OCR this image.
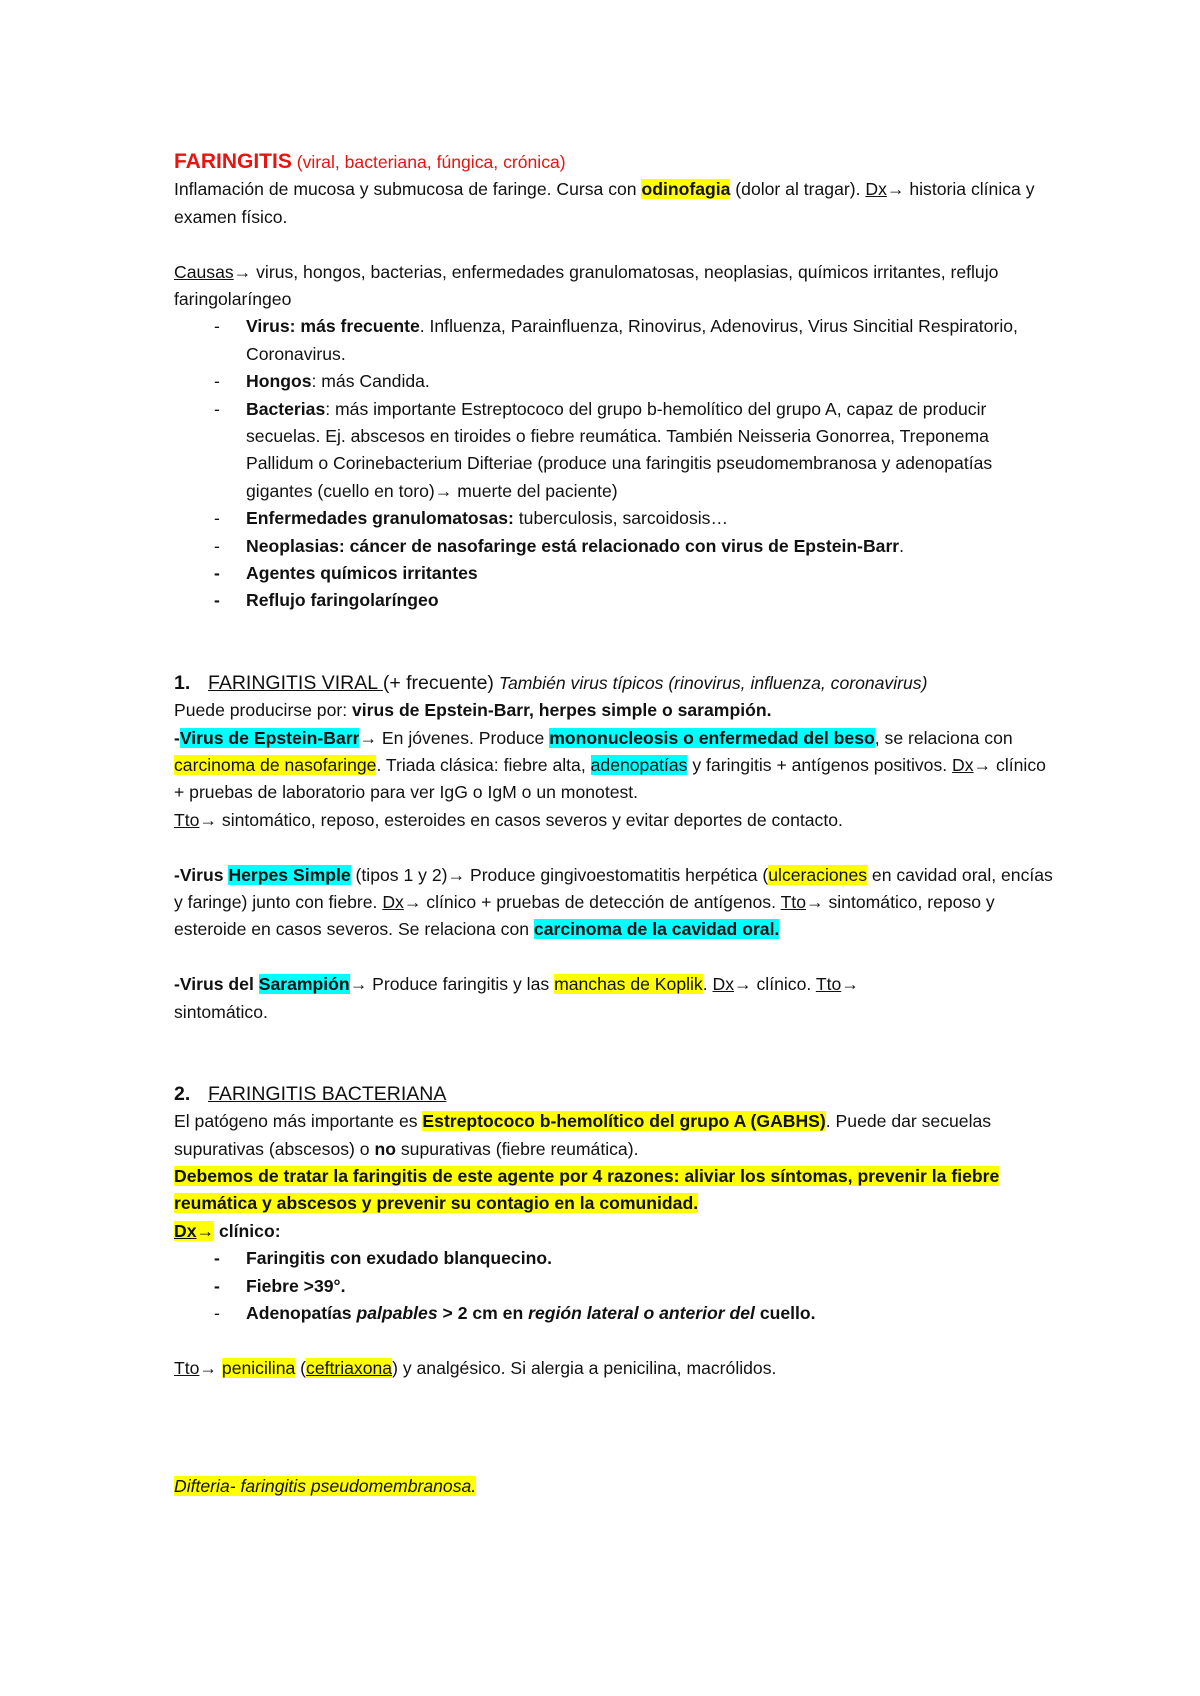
FARINGITIS (viral, bacteriana, fúngica, crónica)

Inflamación de mucosa y submucosa de faringe. Cursa con odinofagia (dolor al tragar). Dx→ historia clínica y examen físico.

Causas→ virus, hongos, bacterias, enfermedades granulomatosas, neoplasias, químicos irritantes, reflujo faringolaríngeo

- Virus: más frecuente. Influenza, Parainfluenza, Rinovirus, Adenovirus, Virus Sincitial Respiratorio, Coronavirus.
- Hongos: más Candida.
- Bacterias: más importante Estreptococo del grupo b-hemolítico del grupo A, capaz de producir secuelas. Ej. abscesos en tiroides o fiebre reumática. También Neisseria Gonorrea, Treponema Pallidum o Corinebacterium Difteriae (produce una faringitis pseudomembranosa y adenopatías gigantes (cuello en toro)→ muerte del paciente)
- Enfermedades granulomatosas: tuberculosis, sarcoidosis…
- Neoplasias: cáncer de nasofaringe está relacionado con virus de Epstein-Barr.
- Agentes químicos irritantes
- Reflujo faringolaríngeo

1. FARINGITIS VIRAL (+ frecuente) También virus típicos (rinovirus, influenza, coronavirus)

Puede producirse por: virus de Epstein-Barr, herpes simple o sarampión.

-Virus de Epstein-Barr→ En jóvenes. Produce mononucleosis o enfermedad del beso, se relaciona con carcinoma de nasofaringe. Triada clásica: fiebre alta, adenopatías y faringitis + antígenos positivos. Dx→ clínico + pruebas de laboratorio para ver IgG o IgM o un monotest.
Tto→ sintomático, reposo, esteroides en casos severos y evitar deportes de contacto.

-Virus Herpes Simple (tipos 1 y 2)→ Produce gingivoestomatitis herpética (ulceraciones en cavidad oral, encías y faringe) junto con fiebre. Dx→ clínico + pruebas de detección de antígenos. Tto→ sintomático, reposo y esteroide en casos severos. Se relaciona con carcinoma de la cavidad oral.

-Virus del Sarampión→ Produce faringitis y las manchas de Koplik. Dx→ clínico. Tto→
sintomático.

2. FARINGITIS BACTERIANA

El patógeno más importante es Estreptococo b-hemolítico del grupo A (GABHS). Puede dar secuelas supurativas (abscesos) o no supurativas (fiebre reumática).

Debemos de tratar la faringitis de este agente por 4 razones: aliviar los síntomas, prevenir la fiebre reumática y abscesos y prevenir su contagio en la comunidad.

Dx→ clínico:

- Faringitis con exudado blanquecino.
- Fiebre >39°.
- Adenopatías palpables > 2 cm en región lateral o anterior del cuello.

Tto→ penicilina (ceftriaxona) y analgésico. Si alergia a penicilina, macrólidos.

Difteria- faringitis pseudomembranosa.
